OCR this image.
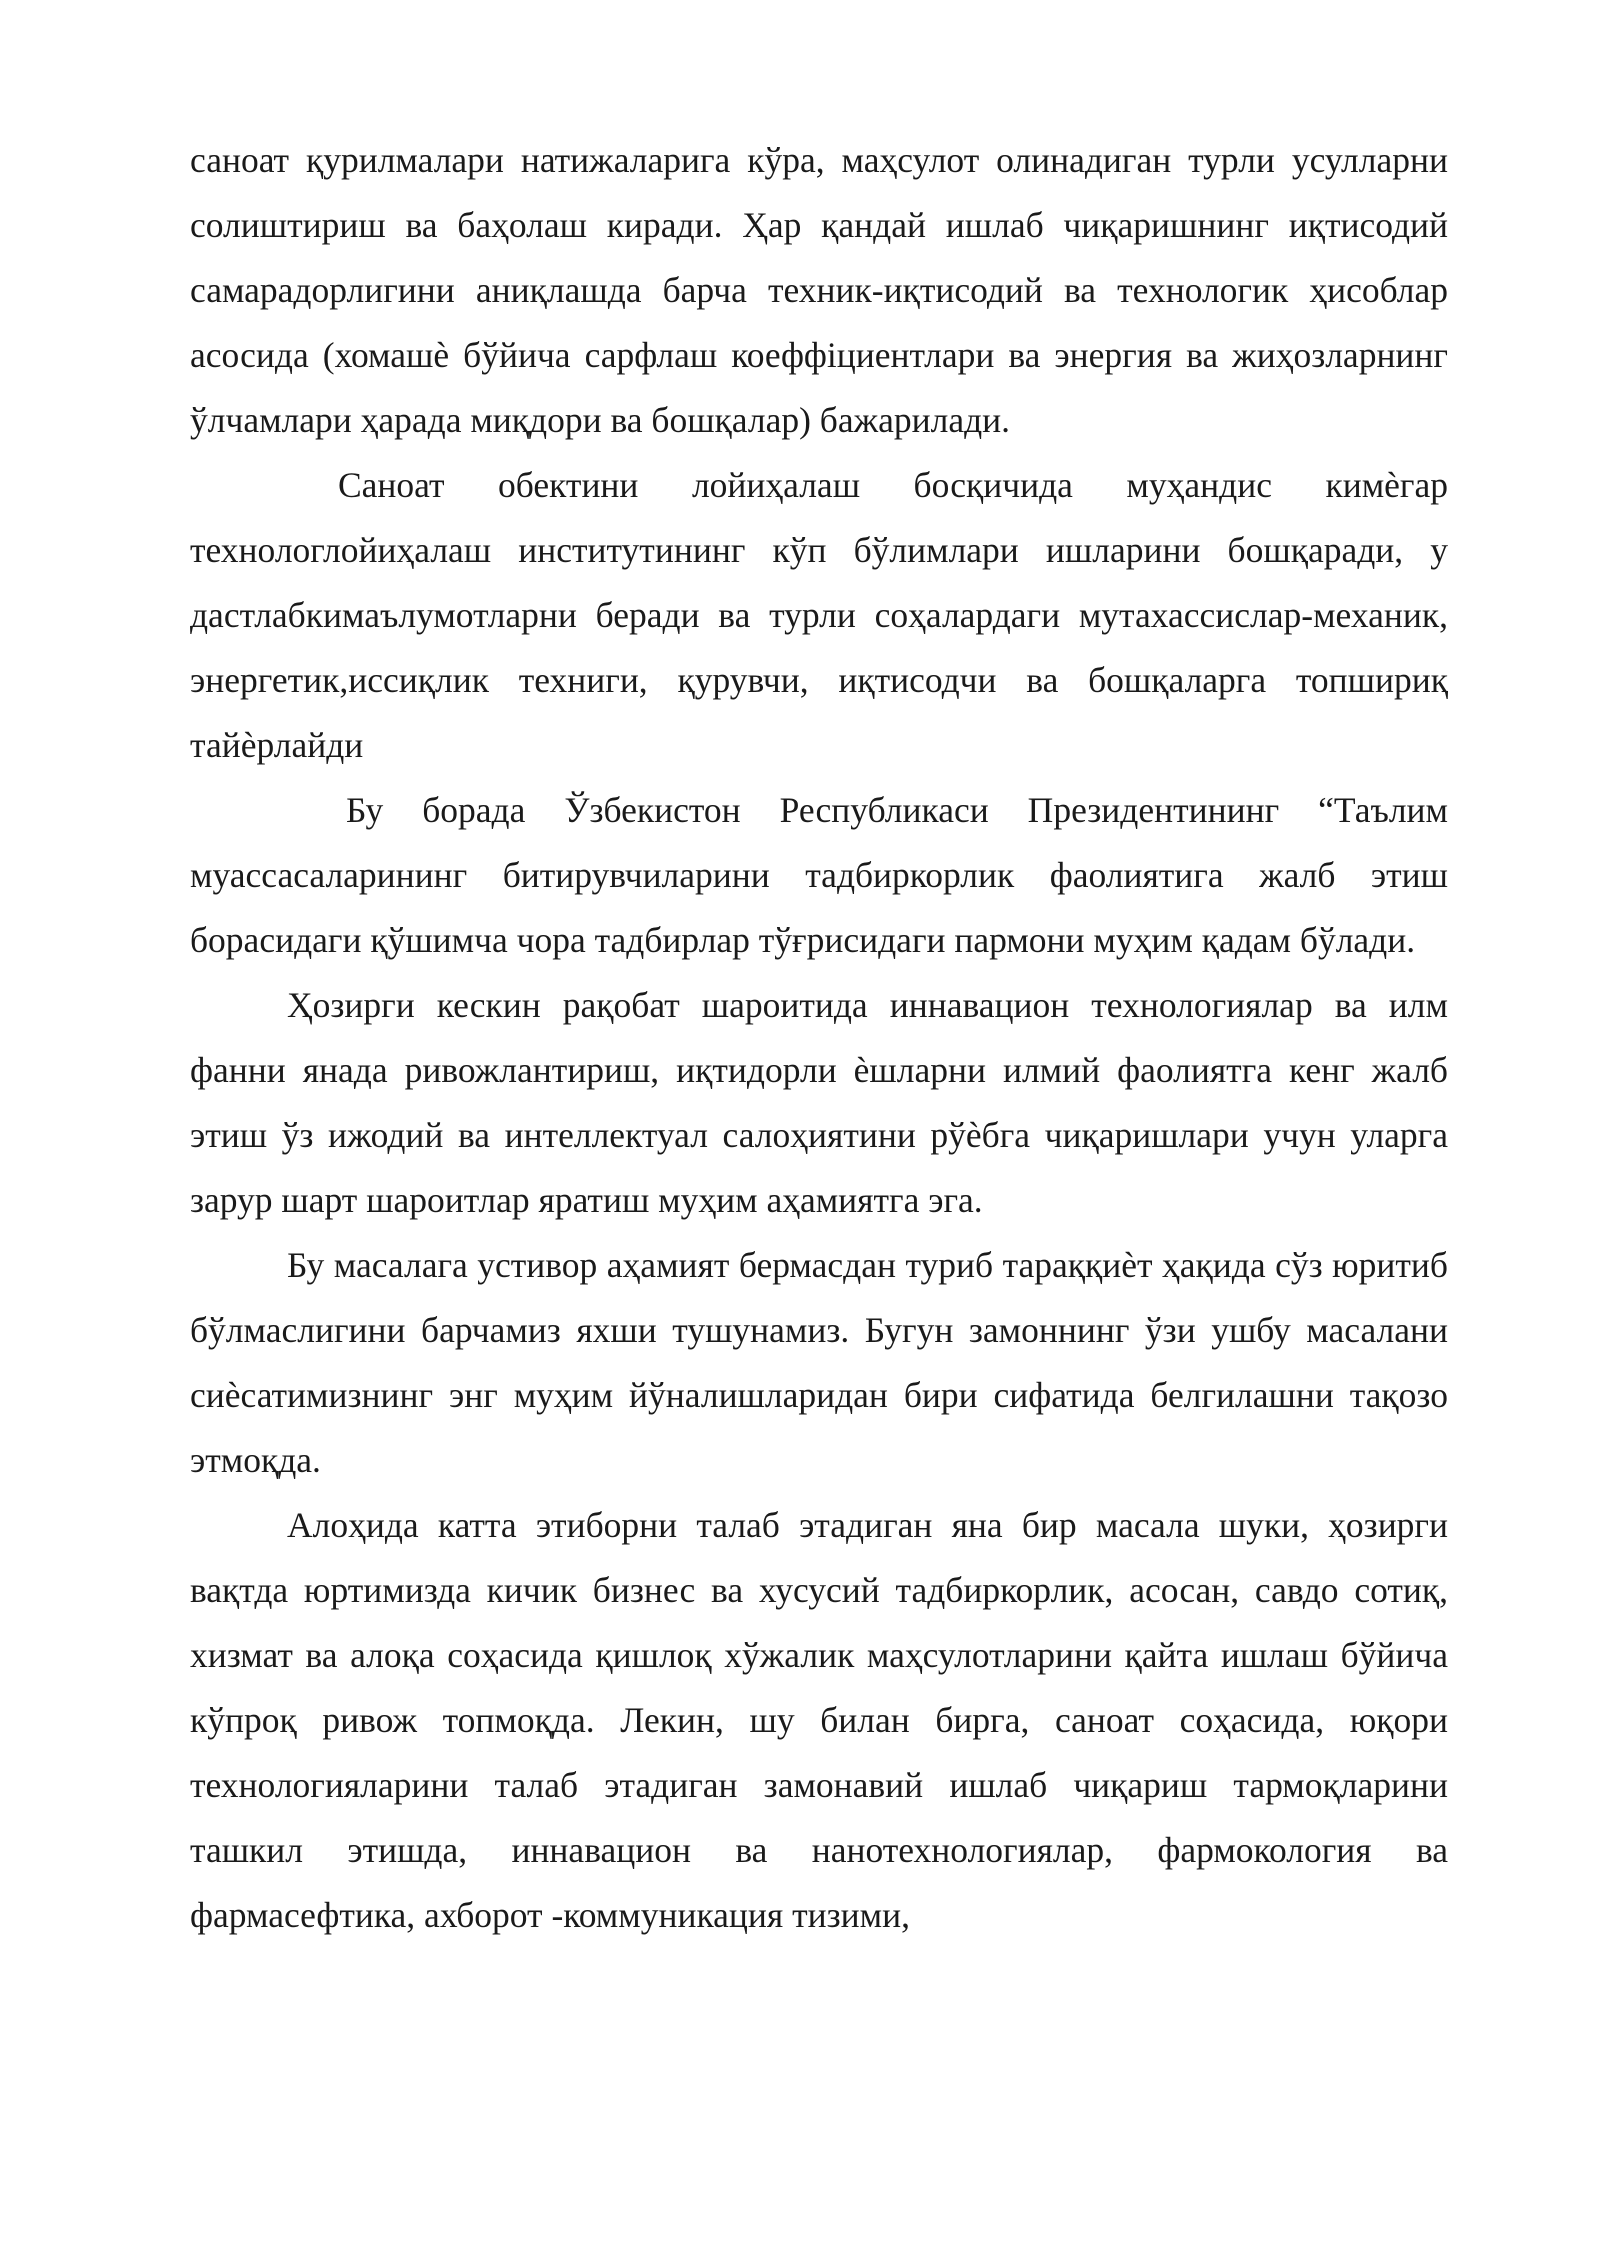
саноат қурилмалари натижаларига кўра, маҳсулот олинадиган турли усулларни солиштириш ва баҳолаш киради. Ҳар қандай ишлаб чиқаришнинг иқтисодий самарадорлигини аниқлашда барча техник-иқтисодий ва технологик ҳисоблар асосида (хомашѐ бўйича сарфлаш коеффіциентлари ва энергия ва жиҳозларнинг ўлчамлари ҳарада миқдори ва бошқалар) бажарилади.

Саноат обектини лойиҳалаш босқичида муҳандис кимѐгар технологлойиҳалаш институтининг кўп бўлимлари ишларини бошқаради, у дастлабкимаълумотларни беради ва турли соҳалардаги мутахассислар-механик, энергетик,иссиқлик техниги, қурувчи, иқтисодчи ва бошқаларга топшириқ тайѐрлайди

Бу борада Ўзбекистон Республикаси Президентининг “Таълим муассасаларининг битирувчиларини тадбиркорлик фаолиятига жалб этиш борасидаги қўшимча чора тадбирлар тўғрисидаги пармони муҳим қадам бўлади.

Ҳозирги кескин рақобат шароитида иннавацион технологиялар ва илм фанни янада ривожлантириш, иқтидорли ѐшларни илмий фаолиятга кенг жалб этиш ўз ижодий ва интеллектуал салоҳиятини рўѐбга чиқаришлари учун уларга зарур шарт шароитлар яратиш муҳим аҳамиятга эга.

Бу масалага устивор аҳамият бермасдан туриб тараққиѐт ҳақида сўз юритиб бўлмаслигини барчамиз яхши тушунамиз. Бугун замоннинг ўзи ушбу масалани сиѐсатимизнинг энг муҳим йўналишларидан бири сифатида белгилашни тақозо этмоқда.

Алоҳида катта этиборни талаб этадиган яна бир масала шуки, ҳозирги вақтда юртимизда кичик бизнес ва хусусий тадбиркорлик, асосан, савдо сотиқ, хизмат ва алоқа соҳасида қишлоқ хўжалик маҳсулотларини қайта ишлаш бўйича кўпроқ ривож топмоқда. Лекин, шу билан бирга, саноат соҳасида, юқори технологияларини талаб этадиган замонавий ишлаб чиқариш тармоқларини ташкил этишда, иннавацион ва нанотехнологиялар, фармокология ва фармасефтика, ахборот -коммуникация тизими,
